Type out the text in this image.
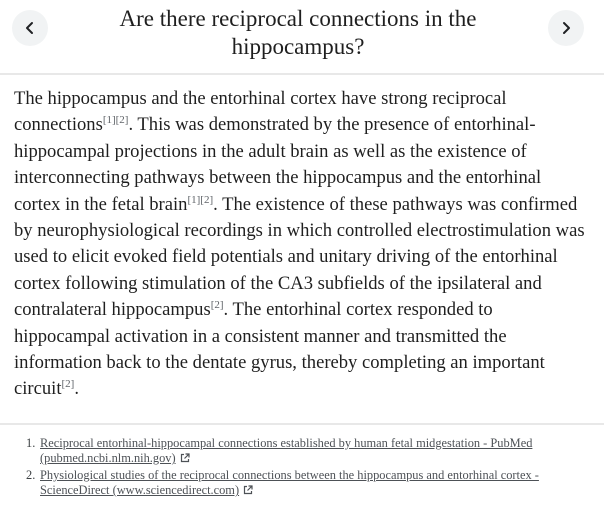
Are there reciprocal connections in the hippocampus?
The hippocampus and the entorhinal cortex have strong reciprocal connections[1][2]. This was demonstrated by the presence of entorhinal-hippocampal projections in the adult brain as well as the existence of interconnecting pathways between the hippocampus and the entorhinal cortex in the fetal brain[1][2]. The existence of these pathways was confirmed by neurophysiological recordings in which controlled electrostimulation was used to elicit evoked field potentials and unitary driving of the entorhinal cortex following stimulation of the CA3 subfields of the ipsilateral and contralateral hippocampus[2]. The entorhinal cortex responded to hippocampal activation in a consistent manner and transmitted the information back to the dentate gyrus, thereby completing an important circuit[2].
1. Reciprocal entorhinal-hippocampal connections established by human fetal midgestation - PubMed (pubmed.ncbi.nlm.nih.gov)
2. Physiological studies of the reciprocal connections between the hippocampus and entorhinal cortex - ScienceDirect (www.sciencedirect.com)
